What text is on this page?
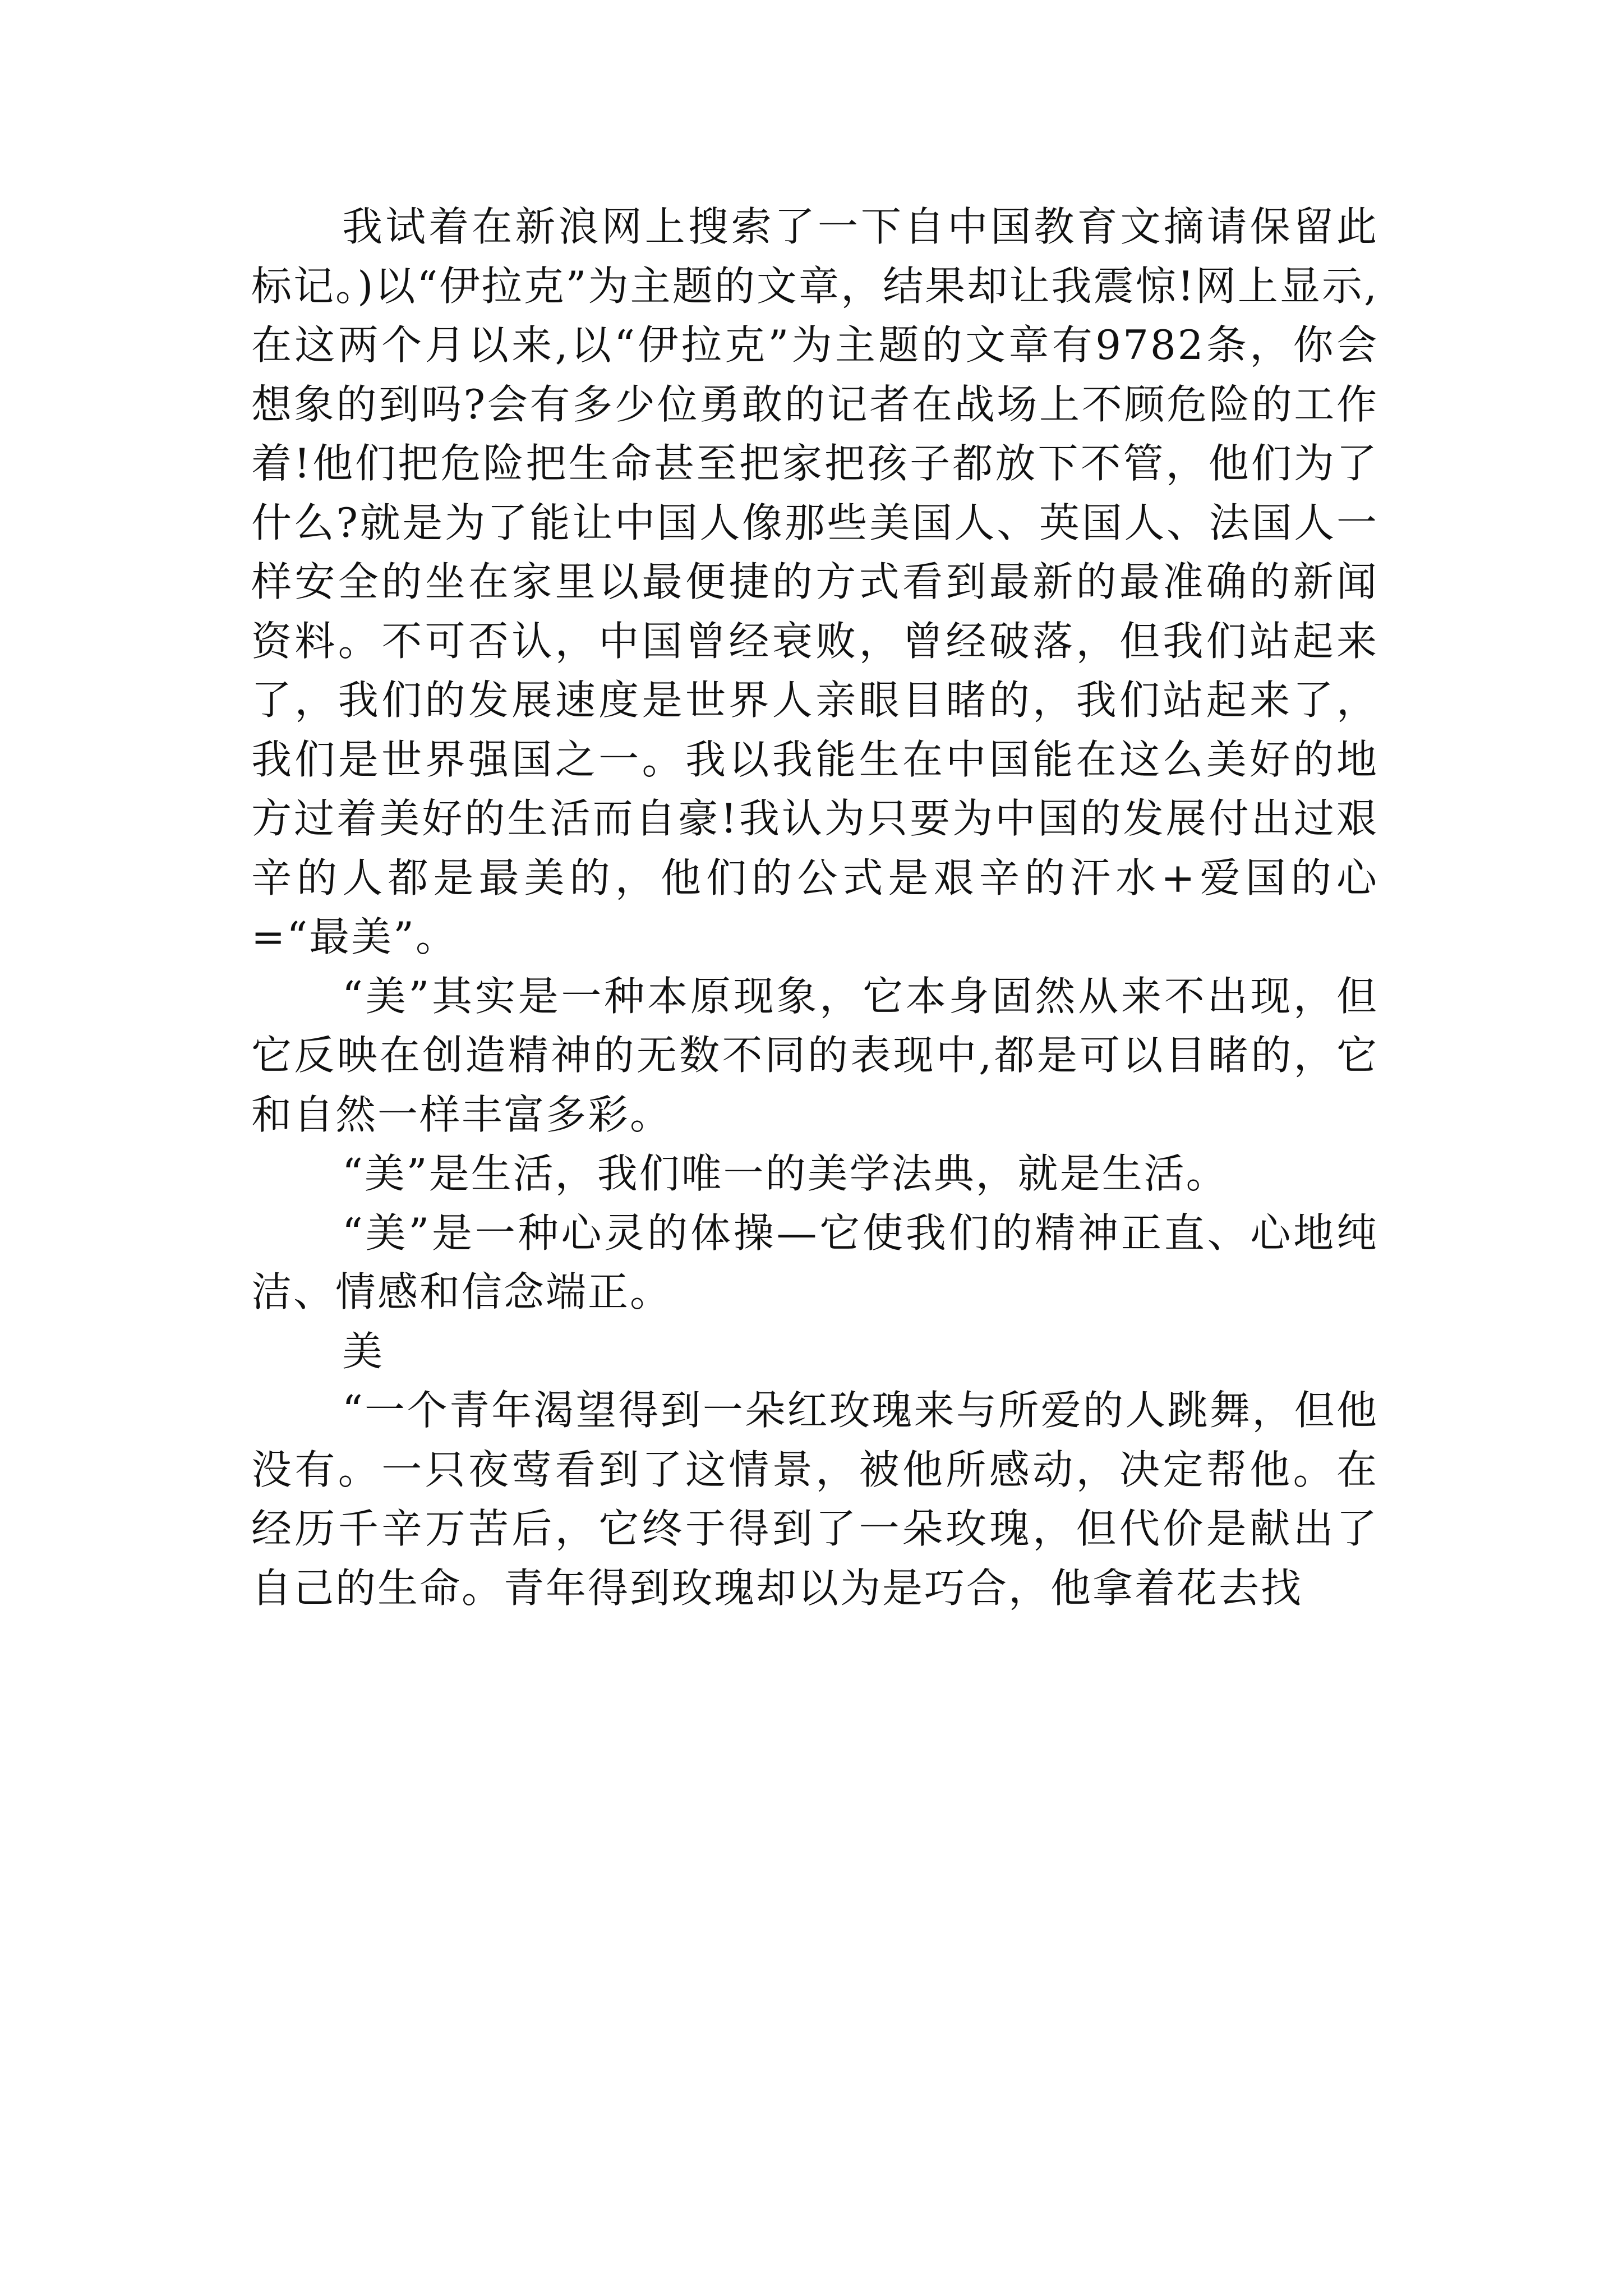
我试着在新浪网上搜索了一下自中国教育文摘请保留此标记。)以“伊拉克”为主题的文章，结果却让我震惊!网上显示,在这两个月以来,以“伊拉克”为主题的文章有9782条，你会想象的到吗?会有多少位勇敢的记者在战场上不顾危险的工作着!他们把危险把生命甚至把家把孩子都放下不管，他们为了什么?就是为了能让中国人像那些美国人、英国人、法国人一样安全的坐在家里以最便捷的方式看到最新的最准确的新闻资料。不可否认，中国曾经衰败，曾经破落，但我们站起来了，我们的发展速度是世界人亲眼目睹的，我们站起来了，我们是世界强国之一。我以我能生在中国能在这么美好的地方过着美好的生活而自豪!我认为只要为中国的发展付出过艰辛的人都是最美的，他们的公式是艰辛的汗水+爱国的心=“最美”。

“美”其实是一种本原现象，它本身固然从来不出现，但它反映在创造精神的无数不同的表现中,都是可以目睹的，它和自然一样丰富多彩。

“美”是生活，我们唯一的美学法典，就是生活。

“美”是一种心灵的体操—它使我们的精神正直、心地纯洁、情感和信念端正。

美

“一个青年渴望得到一朵红玫瑰来与所爱的人跳舞，但他没有。一只夜莺看到了这情景，被他所感动，决定帮他。在经历千辛万苦后，它终于得到了一朵玫瑰，但代价是献出了自己的生命。青年得到玫瑰却以为是巧合，他拿着花去找
